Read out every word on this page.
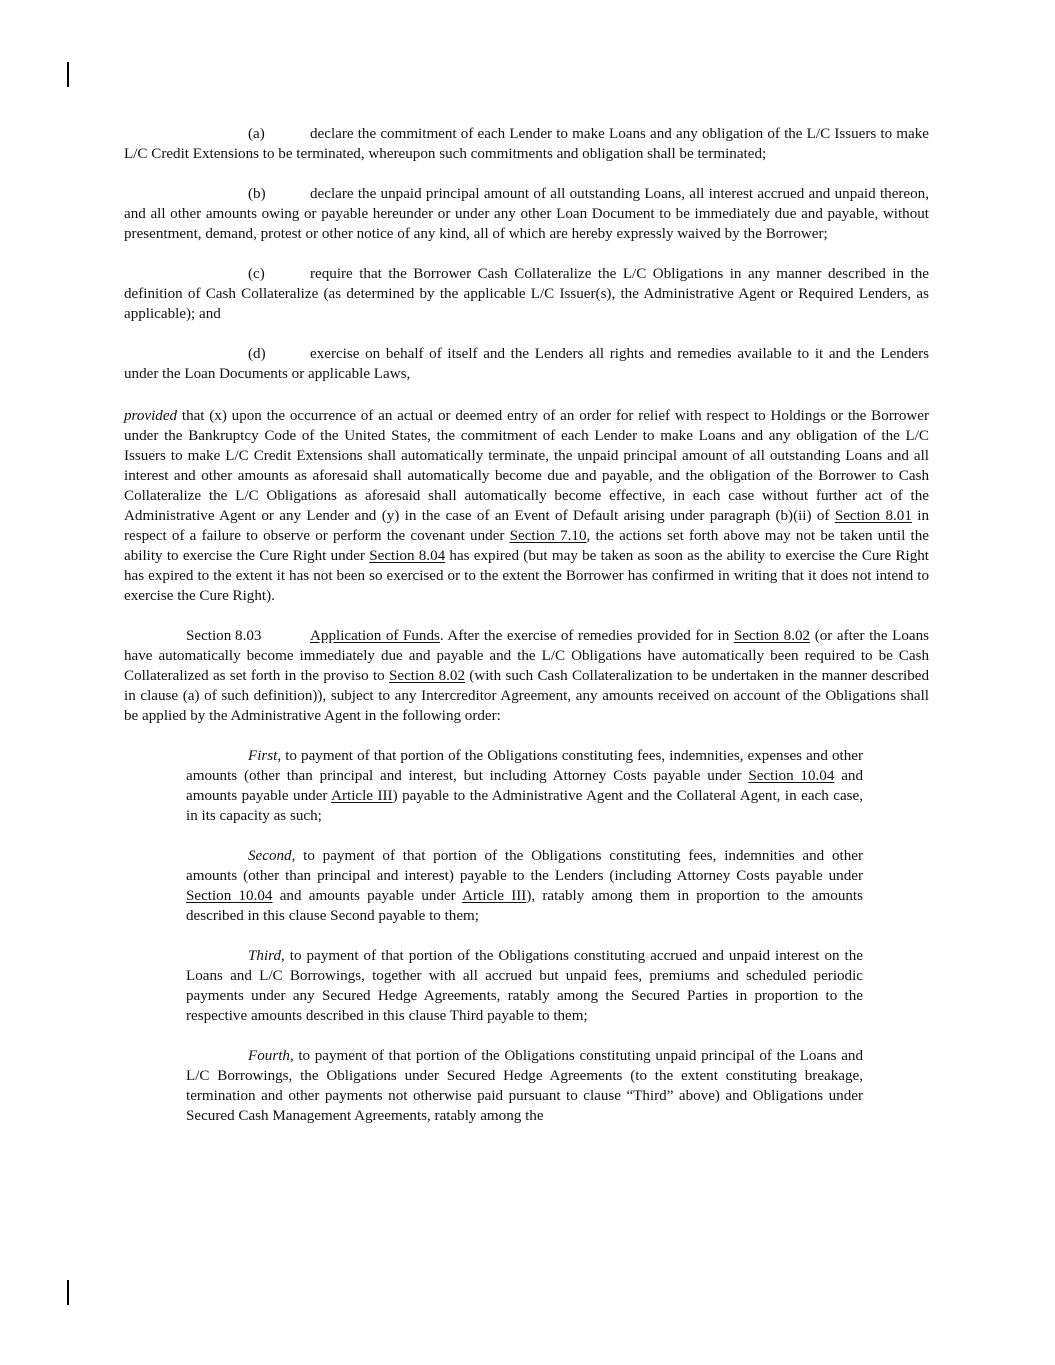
(a)	declare the commitment of each Lender to make Loans and any obligation of the L/C Issuers to make L/C Credit Extensions to be terminated, whereupon such commitments and obligation shall be terminated;

(b)	declare the unpaid principal amount of all outstanding Loans, all interest accrued and unpaid thereon, and all other amounts owing or payable hereunder or under any other Loan Document to be immediately due and payable, without presentment, demand, protest or other notice of any kind, all of which are hereby expressly waived by the Borrower;

(c)	require that the Borrower Cash Collateralize the L/C Obligations in any manner described in the definition of Cash Collateralize (as determined by the applicable L/C Issuer(s), the Administrative Agent or Required Lenders, as applicable); and

(d)	exercise on behalf of itself and the Lenders all rights and remedies available to it and the Lenders under the Loan Documents or applicable Laws,

provided that (x) upon the occurrence of an actual or deemed entry of an order for relief with respect to Holdings or the Borrower under the Bankruptcy Code of the United States, the commitment of each Lender to make Loans and any obligation of the L/C Issuers to make L/C Credit Extensions shall automatically terminate, the unpaid principal amount of all outstanding Loans and all interest and other amounts as aforesaid shall automatically become due and payable, and the obligation of the Borrower to Cash Collateralize the L/C Obligations as aforesaid shall automatically become effective, in each case without further act of the Administrative Agent or any Lender and (y) in the case of an Event of Default arising under paragraph (b)(ii) of Section 8.01 in respect of a failure to observe or perform the covenant under Section 7.10, the actions set forth above may not be taken until the ability to exercise the Cure Right under Section 8.04 has expired (but may be taken as soon as the ability to exercise the Cure Right has expired to the extent it has not been so exercised or to the extent the Borrower has confirmed in writing that it does not intend to exercise the Cure Right).

Section 8.03	Application of Funds. After the exercise of remedies provided for in Section 8.02 (or after the Loans have automatically become immediately due and payable and the L/C Obligations have automatically been required to be Cash Collateralized as set forth in the proviso to Section 8.02 (with such Cash Collateralization to be undertaken in the manner described in clause (a) of such definition)), subject to any Intercreditor Agreement, any amounts received on account of the Obligations shall be applied by the Administrative Agent in the following order:

First, to payment of that portion of the Obligations constituting fees, indemnities, expenses and other amounts (other than principal and interest, but including Attorney Costs payable under Section 10.04 and amounts payable under Article III) payable to the Administrative Agent and the Collateral Agent, in each case, in its capacity as such;

Second, to payment of that portion of the Obligations constituting fees, indemnities and other amounts (other than principal and interest) payable to the Lenders (including Attorney Costs payable under Section 10.04 and amounts payable under Article III), ratably among them in proportion to the amounts described in this clause Second payable to them;

Third, to payment of that portion of the Obligations constituting accrued and unpaid interest on the Loans and L/C Borrowings, together with all accrued but unpaid fees, premiums and scheduled periodic payments under any Secured Hedge Agreements, ratably among the Secured Parties in proportion to the respective amounts described in this clause Third payable to them;

Fourth, to payment of that portion of the Obligations constituting unpaid principal of the Loans and L/C Borrowings, the Obligations under Secured Hedge Agreements (to the extent constituting breakage, termination and other payments not otherwise paid pursuant to clause “Third” above) and Obligations under Secured Cash Management Agreements, ratably among the
